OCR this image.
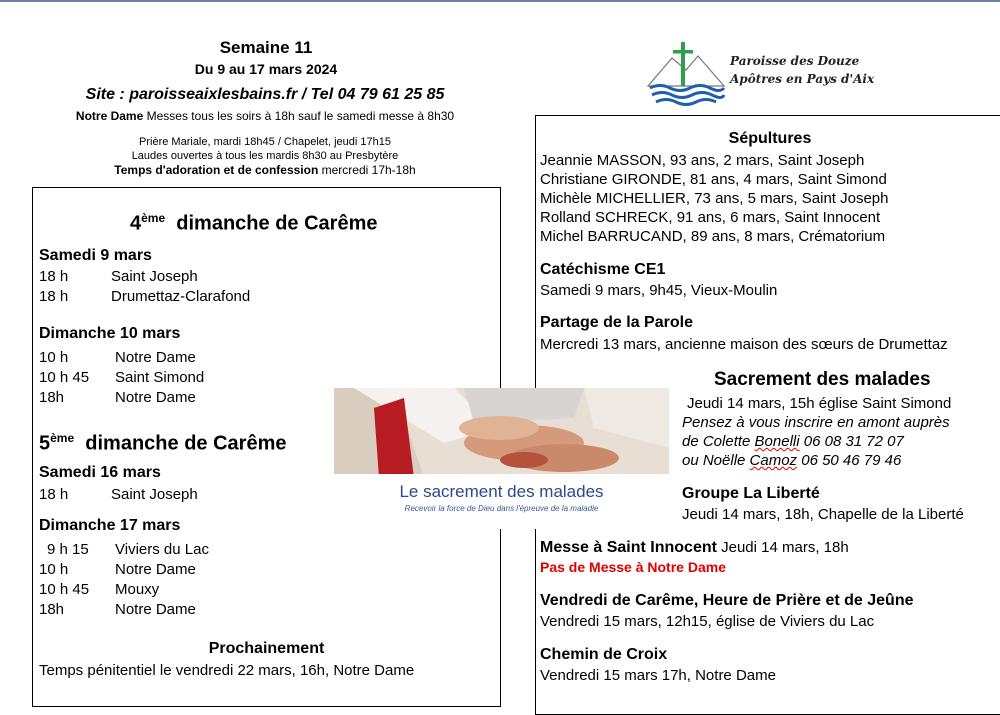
Semaine 11
Du 9 au 17 mars 2024
Site : paroisseaixlesbains.fr / Tel 04 79 61 25 85
Notre Dame Messes tous les soirs à 18h sauf le samedi messe à 8h30
Prière Mariale, mardi 18h45 / Chapelet, jeudi 17h15
Laudes ouvertes à tous les mardis 8h30 au Presbytère
Temps d'adoration et de confession mercredi 17h-18h
Paroisse des Douze
Apôtres en Pays d'Aix
4ème dimanche de Carême
Samedi 9 mars
18 h	Saint Joseph
18 h	Drumettaz-Clarafond
Dimanche 10 mars
10 h	Notre Dame
10 h 45 Saint Simond
18h	Notre Dame
5ème dimanche de Carême
Samedi 16 mars
18 h	Saint Joseph
Dimanche 17 mars
9 h 15 Viviers du Lac
10 h	Notre Dame
10 h 45 Mouxy
18h	Notre Dame
Prochainement
Temps pénitentiel le vendredi 22 mars, 16h, Notre Dame
Sépultures
Jeannie MASSON, 93 ans, 2 mars, Saint Joseph
Christiane GIRONDE, 81 ans, 4 mars, Saint Simond
Michèle MICHELLIER, 73 ans, 5 mars, Saint Joseph
Rolland SCHRECK, 91 ans, 6 mars, Saint Innocent
Michel BARRUCAND, 89 ans, 8 mars, Crématorium
Catéchisme CE1
Samedi 9 mars, 9h45, Vieux-Moulin
Partage de la Parole
Mercredi 13 mars, ancienne maison des sœurs de Drumettaz
Sacrement des malades
Jeudi 14 mars, 15h église Saint Simond
Pensez à vous inscrire en amont auprès
de Colette Bonelli 06 08 31 72 07
ou Noëlle Camoz 06 50 46 79 46
Groupe La Liberté
Jeudi 14 mars, 18h, Chapelle de la Liberté
Messe à Saint Innocent Jeudi 14 mars, 18h
Pas de Messe à Notre Dame
Vendredi de Carême, Heure de Prière et de Jeûne
Vendredi 15 mars, 12h15, église de Viviers du Lac
Chemin de Croix
Vendredi 15 mars 17h, Notre Dame
Le sacrement des malades
Recevoir la force de Dieu dans l'épreuve de la maladie
